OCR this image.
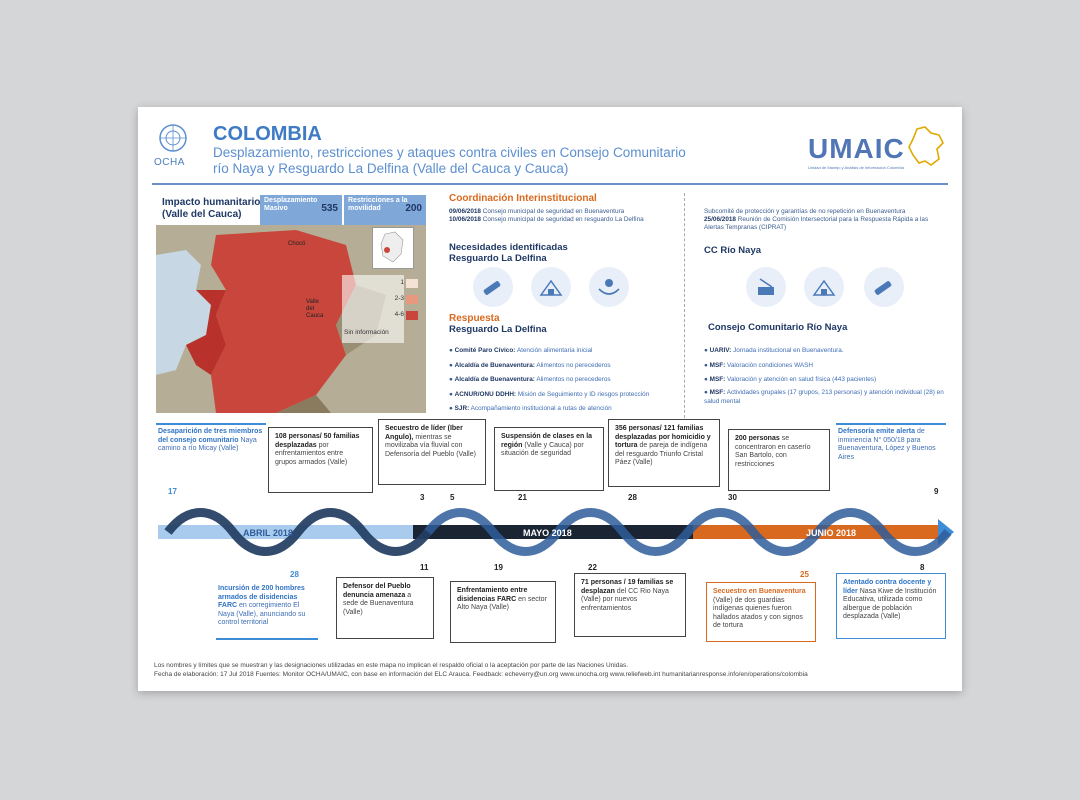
OCHA
COLOMBIA
Desplazamiento, restricciones y ataques contra civiles en Consejo Comunitario
río Naya y Resguardo La Delfina (Valle del Cauca y Cauca)
UMAIC
Unidad de Manejo y Análisis de Información Colombia
Impacto humanitario (Valle del Cauca)
Desplazamiento Masivo	535
Restricciones a la movilidad 200
Chocó
Valle del Cauca
1
2-3
4-6
Sin información
Coordinación Interinstitucional
09/06/2018 Consejo municipal de seguridad en Buenaventura
10/06/2018 Consejo municipal de seguridad en resguardo La Delfina
Subcomité de protección y garantías de no repetición en Buenaventura
25/06/2018 Reunión de Comisión Intersectorial para la Respuesta Rápida a las Alertas Tempranas (CIPRAT)
Necesidades identificadas
Resguardo La Delfina
CC Río Naya
Respuesta
Resguardo La Delfina
● Comité Paro Cívico: Atención alimentaria inicial
● Alcaldía de Buenaventura: Alimentos no perecederos
● Alcaldía de Buenaventura: Alimentos no perecederos
● ACNUR/ONU DDHH: Misión de Seguimiento y ID riesgos protección
● SJR: Acompañamiento institucional a rutas de atención
Consejo Comunitario Río Naya
● UARIV: Jornada institucional en Buenaventura.
● MSF: Valoración condiciones WASH
● MSF: Valoración y atención en salud física (443 pacientes)
● MSF: Actividades grupales (17 grupos, 213 personas) y atención individual (28) en salud mental
ABRIL 2018	MAYO 2018	JUNIO 2018
Desaparición de tres miembros del consejo comunitario Naya camino a río Micay (Valle)
17
108 personas/ 50 familias desplazadas por enfrentamientos entre grupos armados (Valle)
3
Secuestro de líder (Iber Angulo), mientras se movilizaba vía fluvial con Defensoría del Pueblo (Valle)
5
Suspensión de clases en la región (Valle y Cauca) por situación de seguridad
21
356 personas/ 121 familias desplazadas por homicidio y tortura de pareja de indígena del resguardo Triunfo Cristal Páez (Valle)
28
200 personas se concentraron en caserío San Bartolo, con restricciones
30
Defensoría emite alerta de inminencia N° 050/18 para Buenaventura, López y Buenos Aires
9
28
Incursión de 200 hombres armados de disidencias FARC en corregimiento El Naya (Valle), anunciando su control territorial
11
Defensor del Pueblo denuncia amenaza a sede de Buenaventura (Valle)
19
Enfrentamiento entre disidencias FARC en sector Alto Naya (Valle)
22
71 personas / 19 familias se desplazan del CC Rio Naya (Valle) por nuevos enfrentamientos
25
Secuestro en Buenaventura (Valle) de dos guardias indígenas quienes fueron hallados atados y con signos de tortura
8
Atentado contra docente y líder Nasa Kiwe de Institución Educativa, utilizada como albergue de población desplazada (Valle)
Los nombres y límites que se muestran y las designaciones utilizadas en este mapa no implican el respaldo oficial o la aceptación por parte de las Naciones Unidas.
Fecha de elaboración: 17 Jul 2018 Fuentes: Monitor OCHA/UMAIC, con base en información del ELC Arauca. Feedback: echeverry@un.org www.unocha.org www.reliefweb.int humanitarianresponse.info/en/operations/colombia
